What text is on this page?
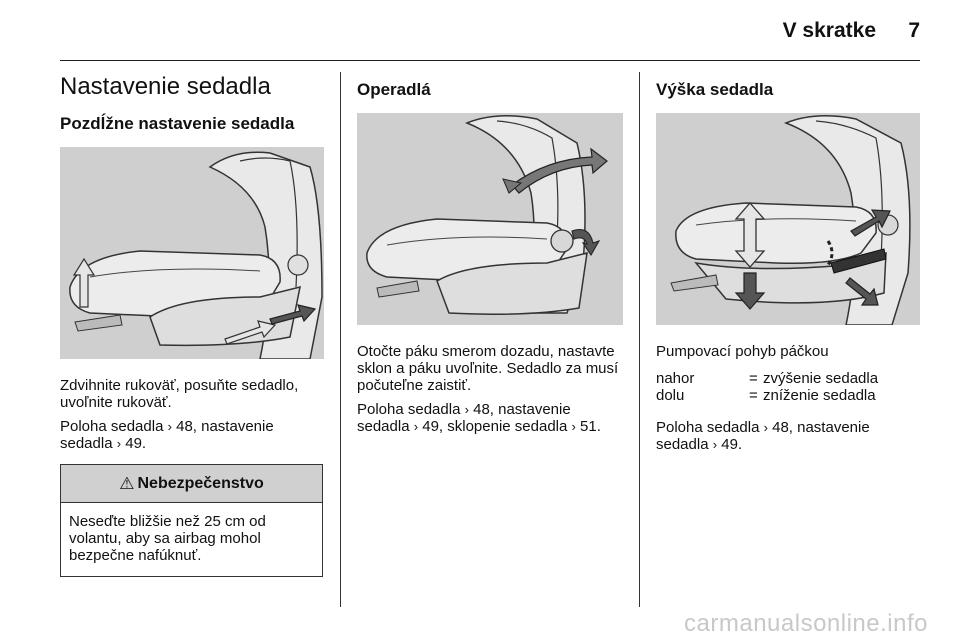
V skratke 7
Nastavenie sedadla
Pozdĺžne nastavenie sedadla

Zdvihnite rukoväť, posuňte sedadlo, uvoľnite rukoväť.

Poloha sedadla › 48, nastavenie sedadla › 49.

⚠ Nebezpečenstvo
Neseďte bližšie než 25 cm od volantu, aby sa airbag mohol bezpečne nafúknuť.
Operadlá

Otočte páku smerom dozadu, nastavte sklon a páku uvoľnite. Sedadlo za musí počuteľne zaistiť.

Poloha sedadla › 48, nastavenie sedadla › 49, sklopenie sedadla › 51.

Výška sedadla

Pumpovací pohyb páčkou

nahor	= zvýšenie sedadla
dolu	= zníženie sedadla

Poloha sedadla › 48, nastavenie sedadla › 49.

carmanualsonline.info
